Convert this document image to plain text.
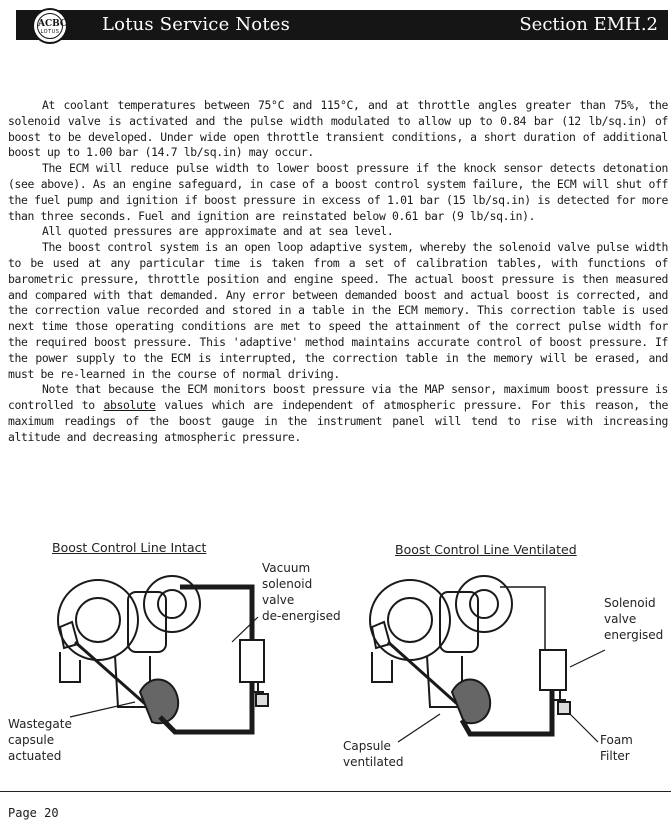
ACBC
LOTUS Lotus Service Notes	Section EMH.2

At coolant temperatures between 75°C and 115°C, and at throttle angles greater than 75%, the solenoid valve is activated and the pulse width modulated to allow up to 0.84 bar (12 lb/sq.in) of boost to be developed. Under wide open throttle transient conditions, a short duration of additional boost up to 1.00 bar (14.7 lb/sq.in) may occur.

The ECM will reduce pulse width to lower boost pressure if the knock sensor detects detonation (see above). As an engine safeguard, in case of a boost control system failure, the ECM will shut off the fuel pump and ignition if boost pressure in excess of 1.01 bar (15 lb/sq.in) is detected for more than three seconds. Fuel and ignition are reinstated below 0.61 bar (9 lb/sq.in).

All quoted pressures are approximate and at sea level.

The boost control system is an open loop adaptive system, whereby the solenoid valve pulse width to be used at any particular time is taken from a set of calibration tables, with functions of barometric pressure, throttle position and engine speed. The actual boost pressure is then measured and compared with that demanded. Any error between demanded boost and actual boost is corrected, and the correction value recorded and stored in a table in the ECM memory. This correction table is used next time those operating conditions are met to speed the attainment of the correct pulse width for the required boost pressure. This 'adaptive' method maintains accurate control of boost pressure. If the power supply to the ECM is interrupted, the correction table in the memory will be erased, and must be re-learned in the course of normal driving.

Note that because the ECM monitors boost pressure via the MAP sensor, maximum boost pressure is controlled to absolute values which are independent of atmospheric pressure. For this reason, the maximum readings of the boost gauge in the instrument panel will tend to rise with increasing altitude and decreasing atmospheric pressure.

Boost Control Line Intact	Boost Control Line Ventilated
Vacuum
solenoid
valve
de-energised
Wastegate
capsule
actuated
Solenoid
valve
energised
Capsule
ventilated
Foam
Filter
Page 20
